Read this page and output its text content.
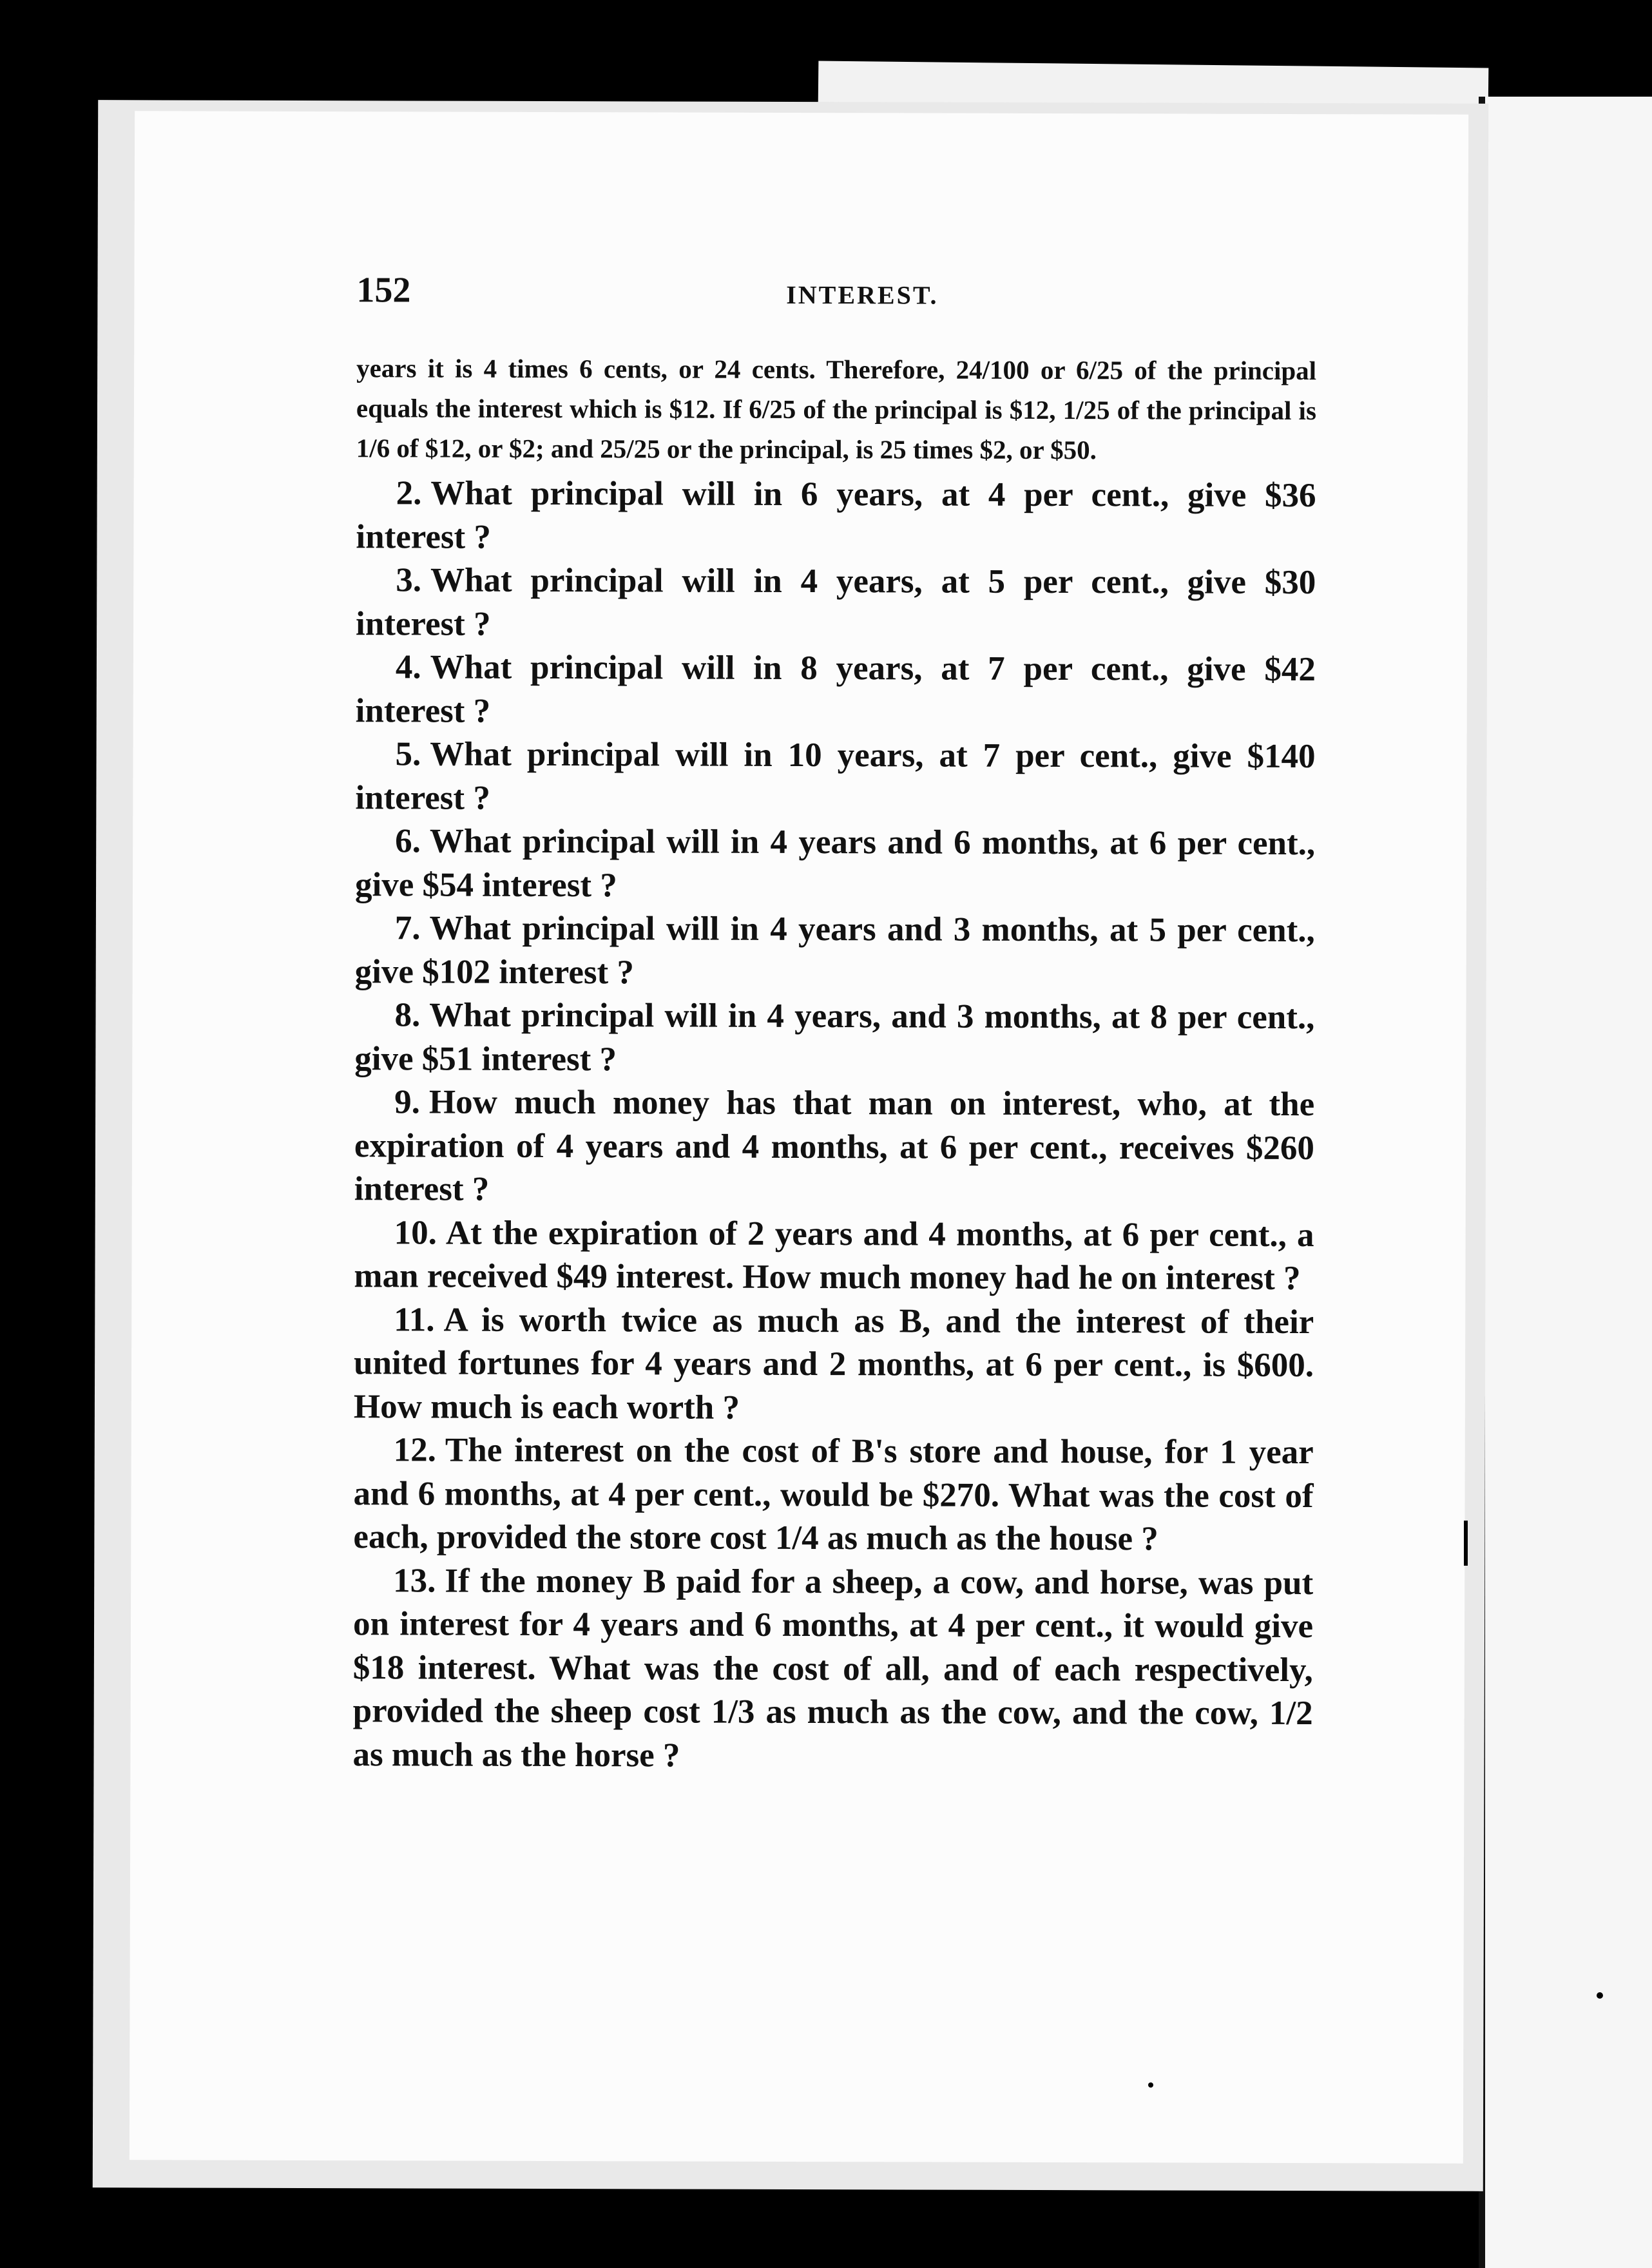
152	INTEREST.

years it is 4 times 6 cents, or 24 cents. Therefore, 24/100 or 6/25 of the principal equals the interest which is $12. If 6/25 of the principal is $12, 1/25 of the principal is 1/6 of $12, or $2; and 25/25 or the principal, is 25 times $2, or $50.

2. What principal will in 6 years, at 4 per cent., give $36 interest ?

3. What principal will in 4 years, at 5 per cent., give $30 interest ?

4. What principal will in 8 years, at 7 per cent., give $42 interest ?

5. What principal will in 10 years, at 7 per cent., give $140 interest ?

6. What principal will in 4 years and 6 months, at 6 per cent., give $54 interest ?

7. What principal will in 4 years and 3 months, at 5 per cent., give $102 interest ?

8. What principal will in 4 years, and 3 months, at 8 per cent., give $51 interest ?

9. How much money has that man on interest, who, at the expiration of 4 years and 4 months, at 6 per cent., receives $260 interest ?

10. At the expiration of 2 years and 4 months, at 6 per cent., a man received $49 interest. How much money had he on interest ?

11. A is worth twice as much as B, and the interest of their united fortunes for 4 years and 2 months, at 6 per cent., is $600. How much is each worth ?

12. The interest on the cost of B's store and house, for 1 year and 6 months, at 4 per cent., would be $270. What was the cost of each, provided the store cost 1/4 as much as the house ?

13. If the money B paid for a sheep, a cow, and horse, was put on interest for 4 years and 6 months, at 4 per cent., it would give $18 interest. What was the cost of all, and of each respectively, provided the sheep cost 1/3 as much as the cow, and the cow, 1/2 as much as the horse ?
